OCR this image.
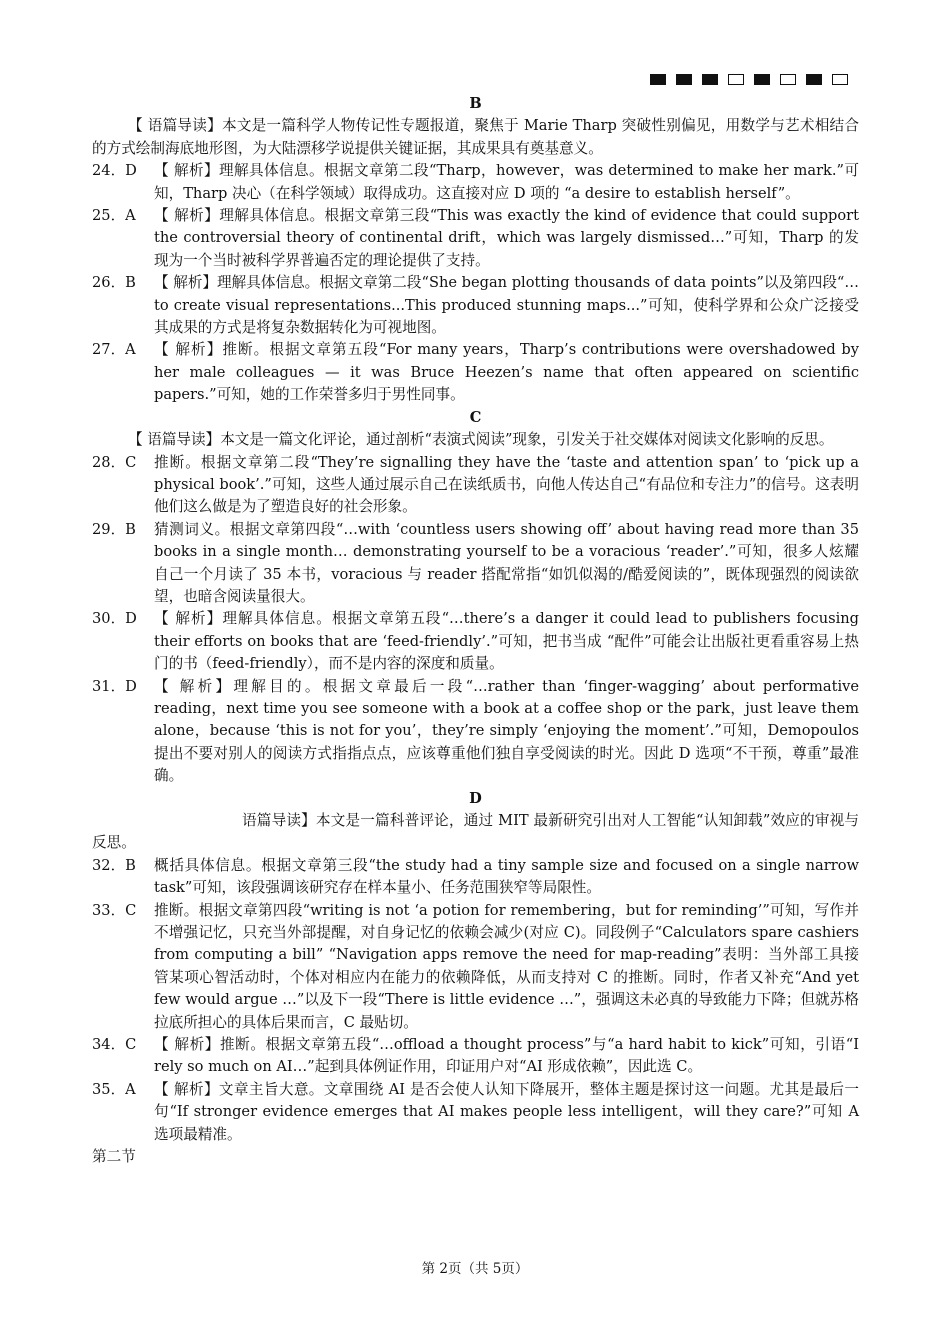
B
【 语篇导读】本文是一篇科学人物传记性专题报道，聚焦于 Marie Tharp 突破性别偏见，用数学与艺术相结合的方式绘制海底地形图，为大陆漂移学说提供关键证据，其成果具有奠基意义。
24．D	【 解析】理解具体信息。根据文章第二段“Tharp，however，was determined to make her mark.”可知，Tharp 决心（在科学领域）取得成功。这直接对应 D 项的 “a desire to establish herself”。
25．A	【 解析】理解具体信息。根据文章第三段“This was exactly the kind of evidence that could support the controversial theory of continental drift，which was largely dismissed…”可知，Tharp 的发现为一个当时被科学界普遍否定的理论提供了支持。
26．B	【 解析】理解具体信息。根据文章第二段“She began plotting thousands of data points”以及第四段“… to create visual representations...This produced stunning maps...”可知，使科学界和公众广泛接受其成果的方式是将复杂数据转化为可视地图。
27．A	【 解析】推断。根据文章第五段“For many years，Tharp’s contributions were overshadowed by her male colleagues — it was Bruce Heezen’s name that often appeared on scientific papers.”可知，她的工作荣誉多归于男性同事。
C
【 语篇导读】本文是一篇文化评论，通过剖析“表演式阅读”现象，引发关于社交媒体对阅读文化影响的反思。
28．C	推断。根据文章第二段“They’re signalling they have the ‘taste and attention span’ to ‘pick up a physical book’.”可知，这些人通过展示自己在读纸质书，向他人传达自己“有品位和专注力”的信号。这表明他们这么做是为了塑造良好的社会形象。
29．B	猜测词义。根据文章第四段“…with ‘countless users showing off’ about having read more than 35 books in a single month… demonstrating yourself to be a voracious ‘reader’.”可知，很多人炫耀自己一个月读了 35 本书，voracious 与 reader 搭配常指“如饥似渴的/酷爱阅读的”，既体现强烈的阅读欲望，也暗含阅读量很大。
30．D	【 解析】理解具体信息。根据文章第五段“…there’s a danger it could lead to publishers focusing their efforts on books that are ‘feed-friendly’.”可知，把书当成 “配件”可能会让出版社更看重容易上热门的书（feed-friendly），而不是内容的深度和质量。
31．D	【 解析】理解目的。根据文章最后一段“…rather than ‘finger-wagging’ about performative reading，next time you see someone with a book at a coffee shop or the park，just leave them alone，because ‘this is not for you’，they’re simply ‘enjoying the moment’.”可知，Demopoulos 提出不要对别人的阅读方式指指点点，应该尊重他们独自享受阅读的时光。因此 D 选项“不干预，尊重”最准确。
D
语篇导读】本文是一篇科普评论，通过 MIT 最新研究引出对人工智能“认知卸载”效应的审视与反思。
32．B	概括具体信息。根据文章第三段“the study had a tiny sample size and focused on a single narrow task”可知，该段强调该研究存在样本量小、任务范围狭窄等局限性。
33．C	推断。根据文章第四段“writing is not ‘a potion for remembering，but for reminding’”可知，写作并不增强记忆，只充当外部提醒，对自身记忆的依赖会减少(对应 C)。同段例子“Calculators spare cashiers from computing a bill” “Navigation apps remove the need for map-reading”表明：当外部工具接管某项心智活动时，个体对相应内在能力的依赖降低，从而支持对 C 的推断。同时，作者又补充“And yet few would argue …”以及下一段“There is little evidence …”，强调这未必真的导致能力下降；但就苏格拉底所担心的具体后果而言，C 最贴切。
34．C	【 解析】推断。根据文章第五段“…offload a thought process”与“a hard habit to kick”可知，引语“I rely so much on AI…”起到具体例证作用，印证用户对“AI 形成依赖”，因此选 C。
35．A	【 解析】文章主旨大意。文章围绕 AI 是否会使人认知下降展开，整体主题是探讨这一问题。尤其是最后一句“If stronger evidence emerges that AI makes people less intelligent，will they care?”可知 A 选项最精准。
第二节
第 2页（共 5页）
